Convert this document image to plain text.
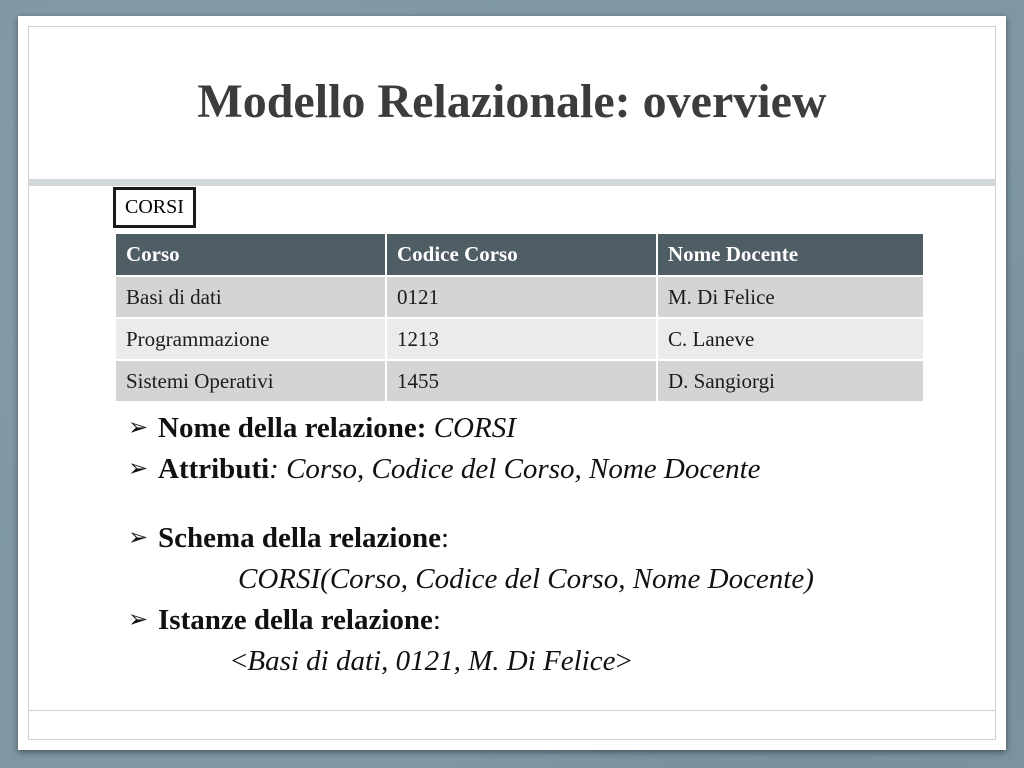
Modello Relazionale: overview
CORSI
Corso	Codice Corso	Nome Docente
Basi di dati	0121	M. Di Felice
Programmazione	1213	C. Laneve
Sistemi Operativi	1455	D. Sangiorgi
➢ Nome della relazione: CORSI
➢ Attributi: Corso, Codice del Corso, Nome Docente
➢ Schema della relazione:
CORSI(Corso, Codice del Corso, Nome Docente)
➢ Istanze della relazione:
<Basi di dati, 0121, M. Di Felice>
